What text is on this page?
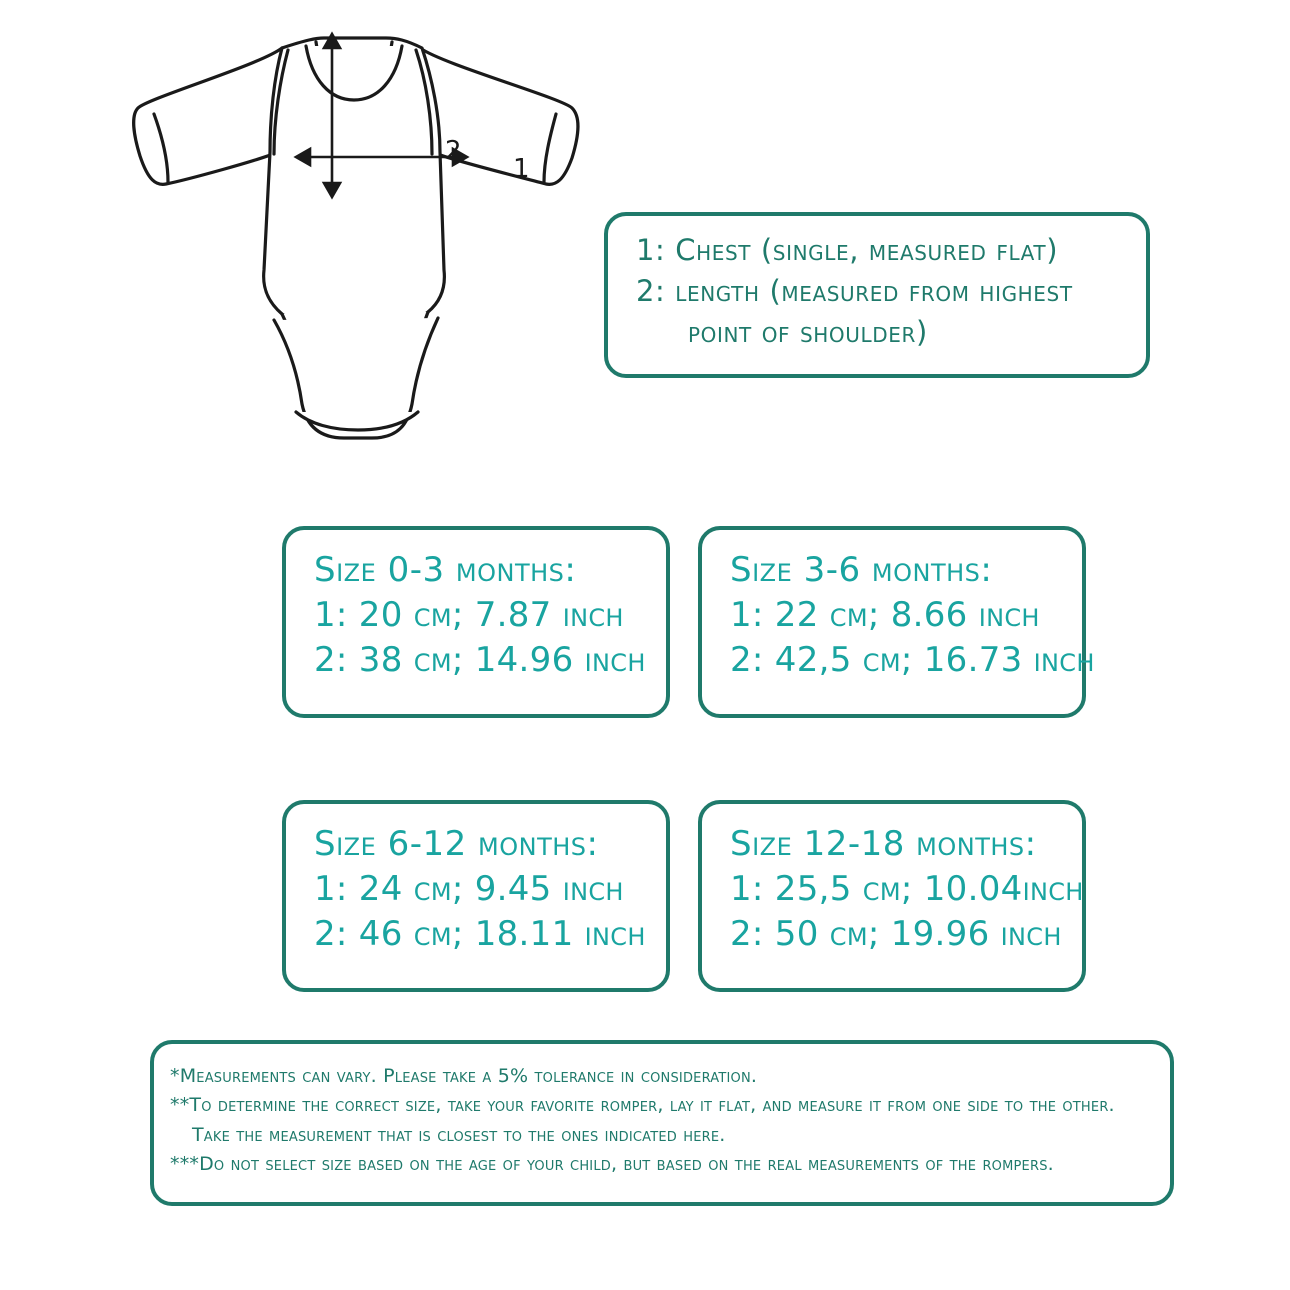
2
1
1: Chest (single, measured flat)
2: length (measured from highest
point of shoulder)
Size 0-3 months:
1: 20 cm; 7.87 inch
2: 38 cm; 14.96 inch
Size 3-6 months:
1: 22 cm; 8.66 inch
2: 42,5 cm; 16.73 inch
Size 6-12 months:
1: 24 cm; 9.45 inch
2: 46 cm; 18.11 inch
Size 12-18 months:
1: 25,5 cm; 10.04inch
2: 50 cm; 19.96 inch
*Measurements can vary. Please take a 5% tolerance in consideration.
**To determine the correct size, take your favorite romper, lay it flat, and measure it from one side to the other.
Take the measurement that is closest to the ones indicated here.
***Do not select size based on the age of your child, but based on the real measurements of the rompers.
